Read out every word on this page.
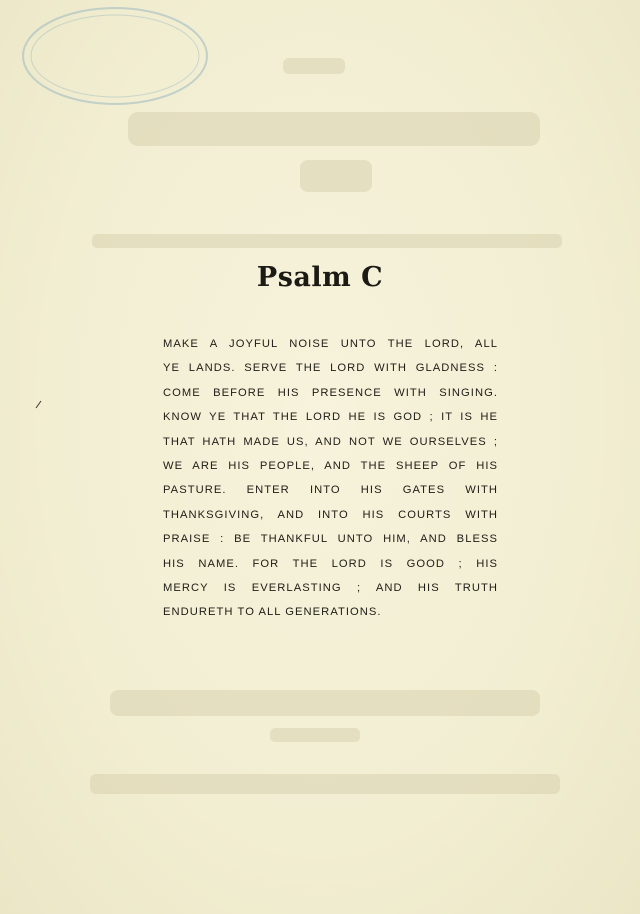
Psalm C
MAKE A JOYFUL NOISE UNTO THE LORD, ALL
YE LANDS. SERVE THE LORD WITH GLADNESS :
COME BEFORE HIS PRESENCE WITH SINGING.
KNOW YE THAT THE LORD HE IS GOD ; IT IS HE
THAT HATH MADE US, AND NOT WE OURSELVES ;
WE ARE HIS PEOPLE, AND THE SHEEP OF HIS
PASTURE. ENTER INTO HIS GATES WITH
THANKSGIVING, AND INTO HIS COURTS WITH
PRAISE : BE THANKFUL UNTO HIM, AND BLESS
HIS NAME. FOR THE LORD IS GOOD ; HIS
MERCY IS EVERLASTING ; AND HIS TRUTH
ENDURETH TO ALL GENERATIONS.
